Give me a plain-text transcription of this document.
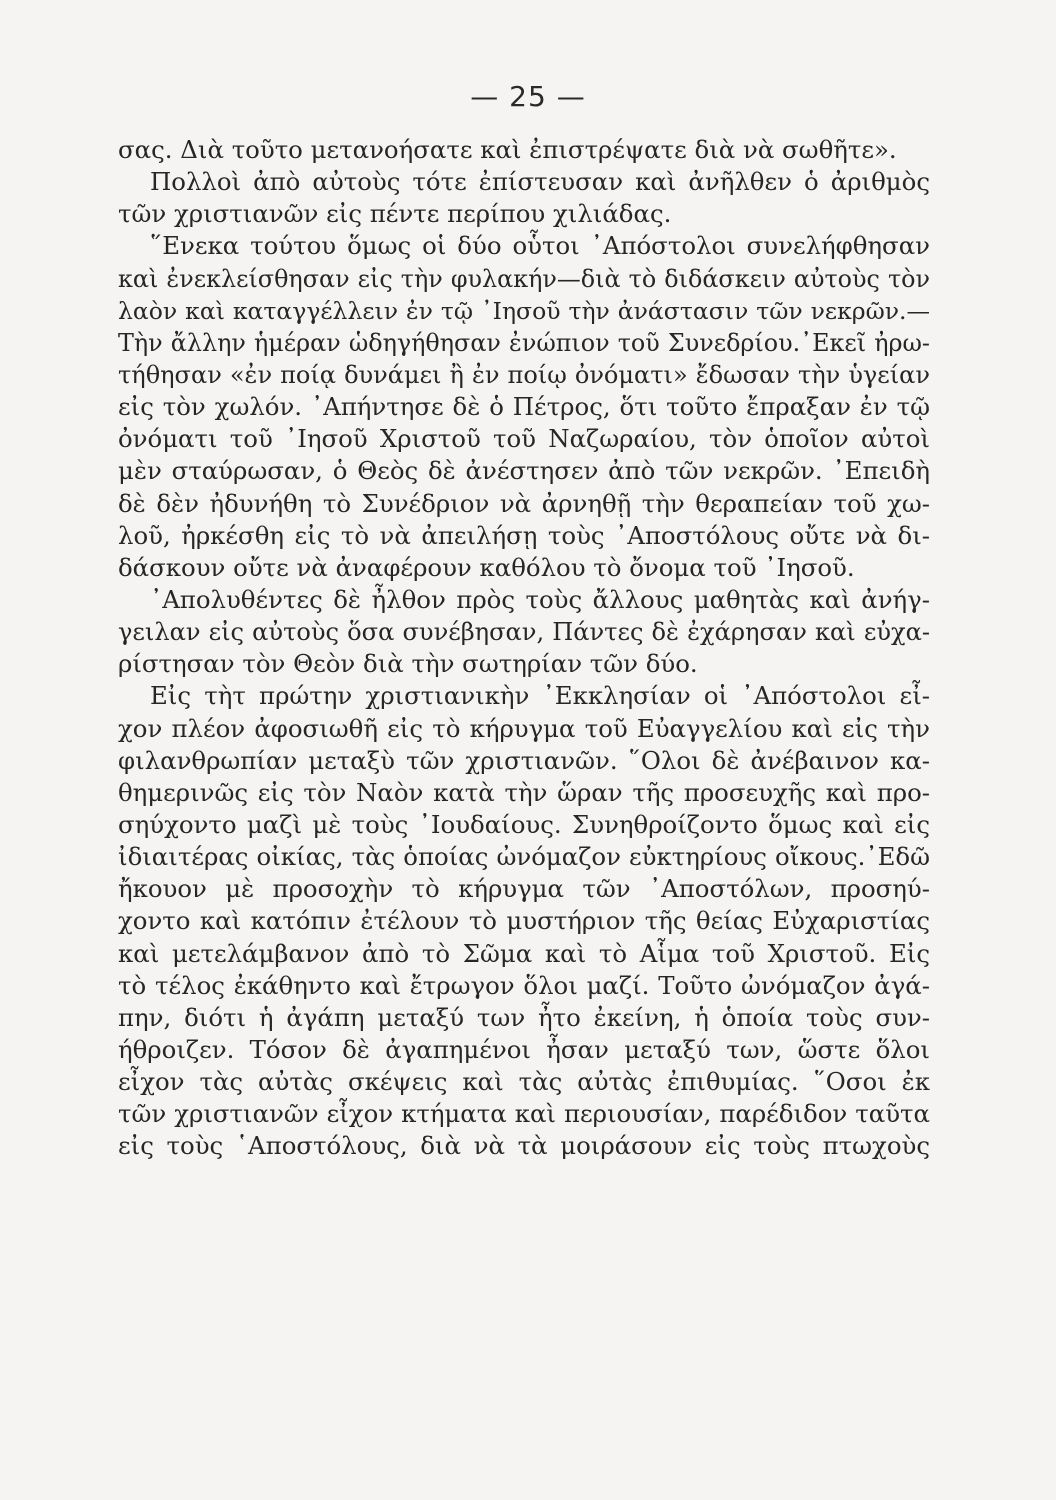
— 25 —
σας. Διὰ τοῦτο μετανοήσατε καὶ ἐπιστρέψατε διὰ νὰ σωθῆτε».
Πολλοὶ ἀπὸ αὐτοὺς τότε ἐπίστευσαν καὶ ἀνῆλθεν ὁ ἀριθμὸς
τῶν χριστιανῶν εἰς πέντε περίπου χιλιάδας.
῞Ενεκα τούτου ὅμως οἱ δύο οὗτοι ᾿Απόστολοι συνελήφθησαν
καὶ ἐνεκλείσθησαν εἰς τὴν φυλακήν—διὰ τὸ διδάσκειν αὐτοὺς τὸν
λαὸν καὶ καταγγέλλειν ἐν τῷ ᾿Ιησοῦ τὴν ἀνάστασιν τῶν νεκρῶν.—
Τὴν ἄλλην ἡμέραν ὡδηγήθησαν ἐνώπιον τοῦ Συνεδρίου.᾿Εκεῖ ἠρω-
τήθησαν «ἐν ποίᾳ δυνάμει ἢ ἐν ποίῳ ὀνόματι» ἔδωσαν τὴν ὑγείαν
εἰς τὸν χωλόν. ᾿Απήντησε δὲ ὁ Πέτρος, ὅτι τοῦτο ἔπραξαν ἐν τῷ
ὀνόματι τοῦ ᾿Ιησοῦ Χριστοῦ τοῦ Ναζωραίου, τὸν ὁποῖον αὐτοὶ
μὲν σταύρωσαν, ὁ Θεὸς δὲ ἀνέστησεν ἀπὸ τῶν νεκρῶν. ᾿Επειδὴ
δὲ δὲν ἠδυνήθη τὸ Συνέδριον νὰ ἀρνηθῇ τὴν θεραπείαν τοῦ χω-
λοῦ, ἠρκέσθη εἰς τὸ νὰ ἀπειλήσῃ τοὺς ᾿Αποστόλους οὔτε νὰ δι-
δάσκουν οὔτε νὰ ἀναφέρουν καθόλου τὸ ὄνομα τοῦ ᾿Ιησοῦ.
᾿Απολυθέντες δὲ ἦλθον πρὸς τοὺς ἄλλους μαθητὰς καὶ ἀνήγ-
γειλαν εἰς αὐτοὺς ὅσα συνέβησαν, Πάντες δὲ ἐχάρησαν καὶ εὐχα-
ρίστησαν τὸν Θεὸν διὰ τὴν σωτηρίαν τῶν δύο.
Εἰς τὴτ πρώτην χριστιανικὴν ᾿Εκκλησίαν οἱ ᾿Απόστολοι εἶ-
χον πλέον ἀφοσιωθῆ εἰς τὸ κήρυγμα τοῦ Εὐαγγελίου καὶ εἰς τὴν
φιλανθρωπίαν μεταξὺ τῶν χριστιανῶν. ῞Ολοι δὲ ἀνέβαινον κα-
θημερινῶς εἰς τὸν Ναὸν κατὰ τὴν ὥραν τῆς προσευχῆς καὶ προ-
σηύχοντο μαζὶ μὲ τοὺς ᾿Ιουδαίους. Συνηθροίζοντο ὅμως καὶ εἰς
ἰδιαιτέρας οἰκίας, τὰς ὁποίας ὠνόμαζον εὐκτηρίους οἴκους.᾿Εδῶ
ἤκουον μὲ προσοχὴν τὸ κήρυγμα τῶν ᾿Αποστόλων, προσηύ-
χοντο καὶ κατόπιν ἐτέλουν τὸ μυστήριον τῆς θείας Εὐχαριστίας
καὶ μετελάμβανον ἀπὸ τὸ Σῶμα καὶ τὸ Αἷμα τοῦ Χριστοῦ. Εἰς
τὸ τέλος ἐκάθηντο καὶ ἔτρωγον ὅλοι μαζί. Τοῦτο ὠνόμαζον ἀγά-
πην, διότι ἡ ἀγάπη μεταξύ των ἦτο ἐκείνη, ἡ ὁποία τοὺς συν-
ήθροιζεν. Τόσον δὲ ἀγαπημένοι ἦσαν μεταξύ των, ὥστε ὅλοι
εἶχον τὰς αὐτὰς σκέψεις καὶ τὰς αὐτὰς ἐπιθυμίας. ῞Οσοι ἐκ
τῶν χριστιανῶν εἶχον κτήματα καὶ περιουσίαν, παρέδιδον ταῦτα
εἰς τοὺς ῾Αποστόλους, διὰ νὰ τὰ μοιράσουν εἰς τοὺς πτωχοὺς
